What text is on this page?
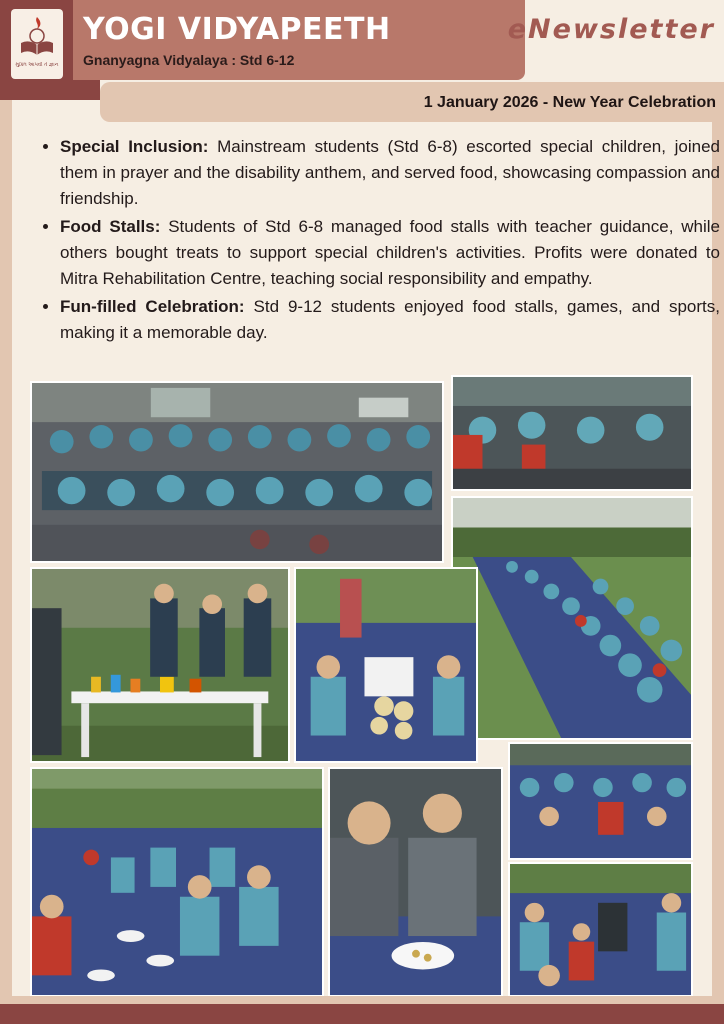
મુક્તિ આપવી તે જ્ઞાન
YOGI VIDYAPEETH
Gnanyagna Vidyalaya : Std 6-12
eNewsletter
1 January 2026 - New Year Celebration
• Special Inclusion: Mainstream students (Std 6-8) escorted special children, joined them in prayer and the disability anthem, and served food, showcasing compassion and friendship.
• Food Stalls: Students of Std 6-8 managed food stalls with teacher guidance, while others bought treats to support special children's activities. Profits were donated to Mitra Rehabilitation Centre, teaching social responsibility and empathy.
• Fun-filled Celebration: Std 9-12 students enjoyed food stalls, games, and sports, making it a memorable day.
